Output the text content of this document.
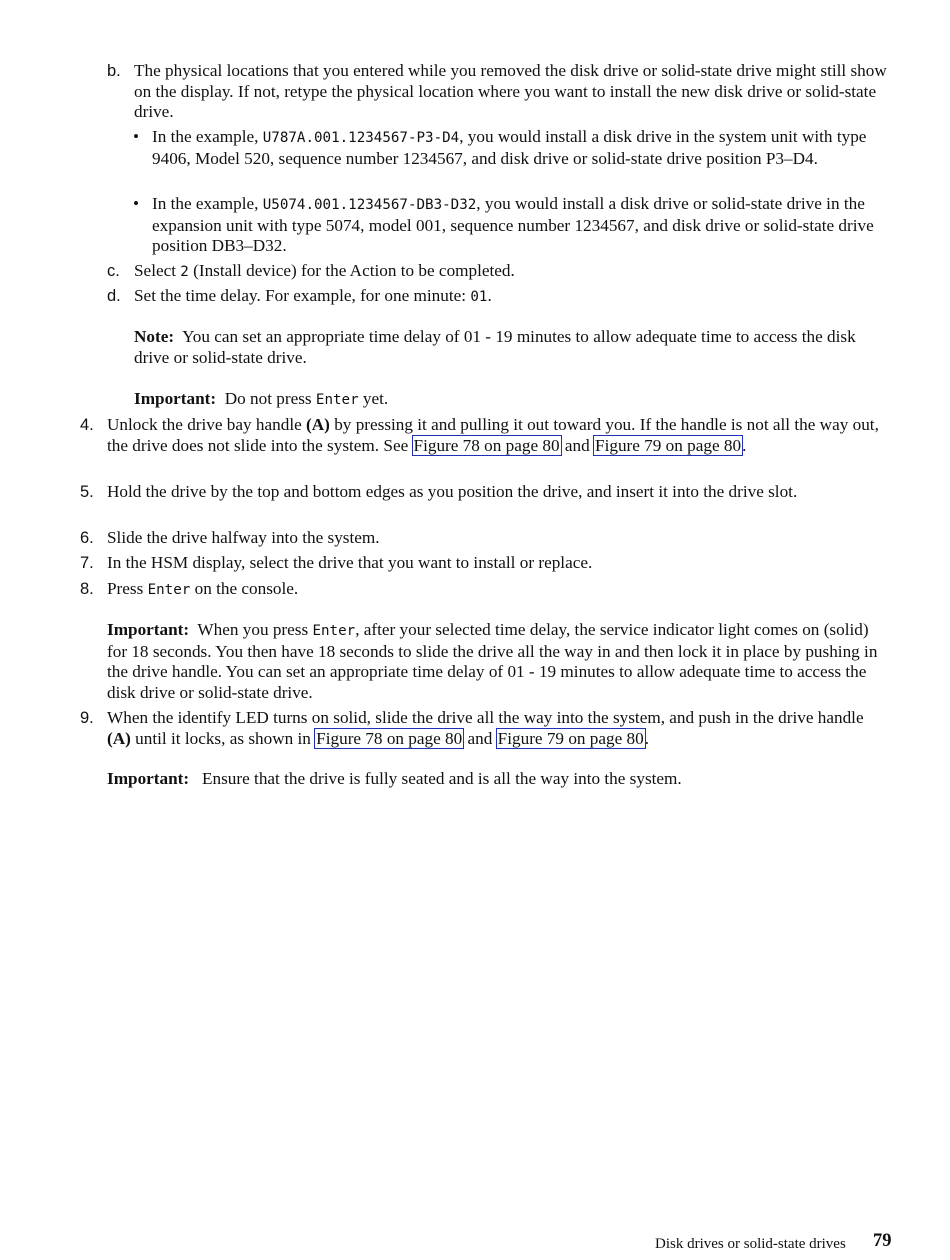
b. The physical locations that you entered while you removed the disk drive or solid-state drive might still show on the display. If not, retype the physical location where you want to install the new disk drive or solid-state drive.

• In the example, U787A.001.1234567-P3-D4, you would install a disk drive in the system unit with type 9406, Model 520, sequence number 1234567, and disk drive or solid-state drive position P3–D4.

• In the example, U5074.001.1234567-DB3-D32, you would install a disk drive or solid-state drive in the expansion unit with type 5074, model 001, sequence number 1234567, and disk drive or solid-state drive position DB3–D32.

c. Select 2 (Install device) for the Action to be completed.

d. Set the time delay. For example, for one minute: 01.

Note: You can set an appropriate time delay of 01 - 19 minutes to allow adequate time to access the disk drive or solid-state drive.

Important: Do not press Enter yet.

4. Unlock the drive bay handle (A) by pressing it and pulling it out toward you. If the handle is not all the way out, the drive does not slide into the system. See Figure 78 on page 80 and Figure 79 on page 80.

5. Hold the drive by the top and bottom edges as you position the drive, and insert it into the drive slot.

6. Slide the drive halfway into the system.

7. In the HSM display, select the drive that you want to install or replace.

8. Press Enter on the console.

Important: When you press Enter, after your selected time delay, the service indicator light comes on (solid) for 18 seconds. You then have 18 seconds to slide the drive all the way in and then lock it in place by pushing in the drive handle. You can set an appropriate time delay of 01 - 19 minutes to allow adequate time to access the disk drive or solid-state drive.

9. When the identify LED turns on solid, slide the drive all the way into the system, and push in the drive handle (A) until it locks, as shown in Figure 78 on page 80 and Figure 79 on page 80.

Important: Ensure that the drive is fully seated and is all the way into the system.

Disk drives or solid-state drives 79
